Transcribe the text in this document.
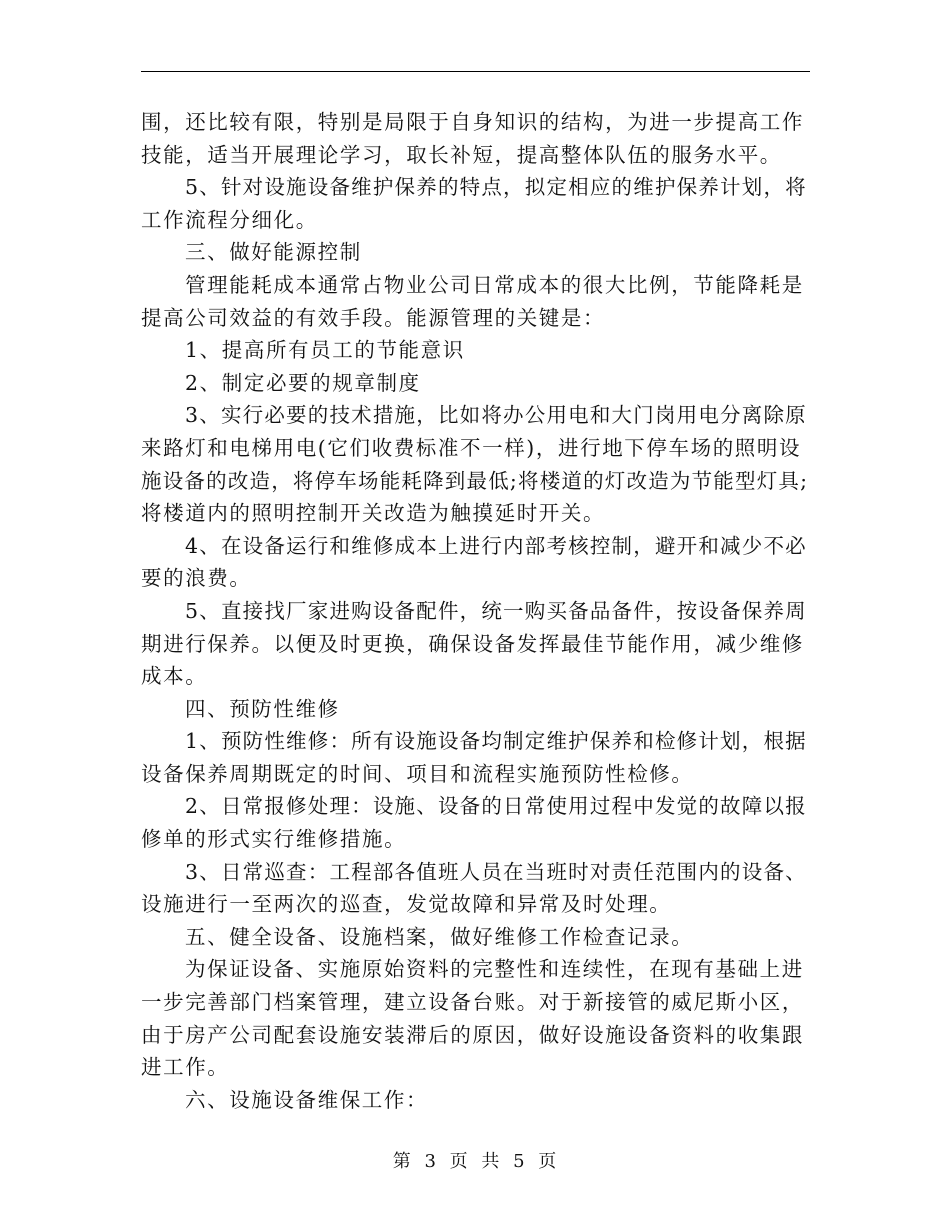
围，还比较有限，特别是局限于自身知识的结构，为进一步提高工作
技能，适当开展理论学习，取长补短，提高整体队伍的服务水平。
5、针对设施设备维护保养的特点，拟定相应的维护保养计划，将
工作流程分细化。
三、做好能源控制
管理能耗成本通常占物业公司日常成本的很大比例，节能降耗是
提高公司效益的有效手段。能源管理的关键是：
1、提高所有员工的节能意识
2、制定必要的规章制度
3、实行必要的技术措施，比如将办公用电和大门岗用电分离除原
来路灯和电梯用电(它们收费标准不一样)，进行地下停车场的照明设
施设备的改造，将停车场能耗降到最低;将楼道的灯改造为节能型灯具;
将楼道内的照明控制开关改造为触摸延时开关。
4、在设备运行和维修成本上进行内部考核控制，避开和减少不必
要的浪费。
5、直接找厂家进购设备配件，统一购买备品备件，按设备保养周
期进行保养。以便及时更换，确保设备发挥最佳节能作用，减少维修
成本。
四、预防性维修
1、预防性维修：所有设施设备均制定维护保养和检修计划，根据
设备保养周期既定的时间、项目和流程实施预防性检修。
2、日常报修处理：设施、设备的日常使用过程中发觉的故障以报
修单的形式实行维修措施。
3、日常巡查：工程部各值班人员在当班时对责任范围内的设备、
设施进行一至两次的巡查，发觉故障和异常及时处理。
五、健全设备、设施档案，做好维修工作检查记录。
为保证设备、实施原始资料的完整性和连续性，在现有基础上进
一步完善部门档案管理，建立设备台账。对于新接管的威尼斯小区，
由于房产公司配套设施安装滞后的原因，做好设施设备资料的收集跟
进工作。
六、设施设备维保工作：
第 3 页 共 5 页
